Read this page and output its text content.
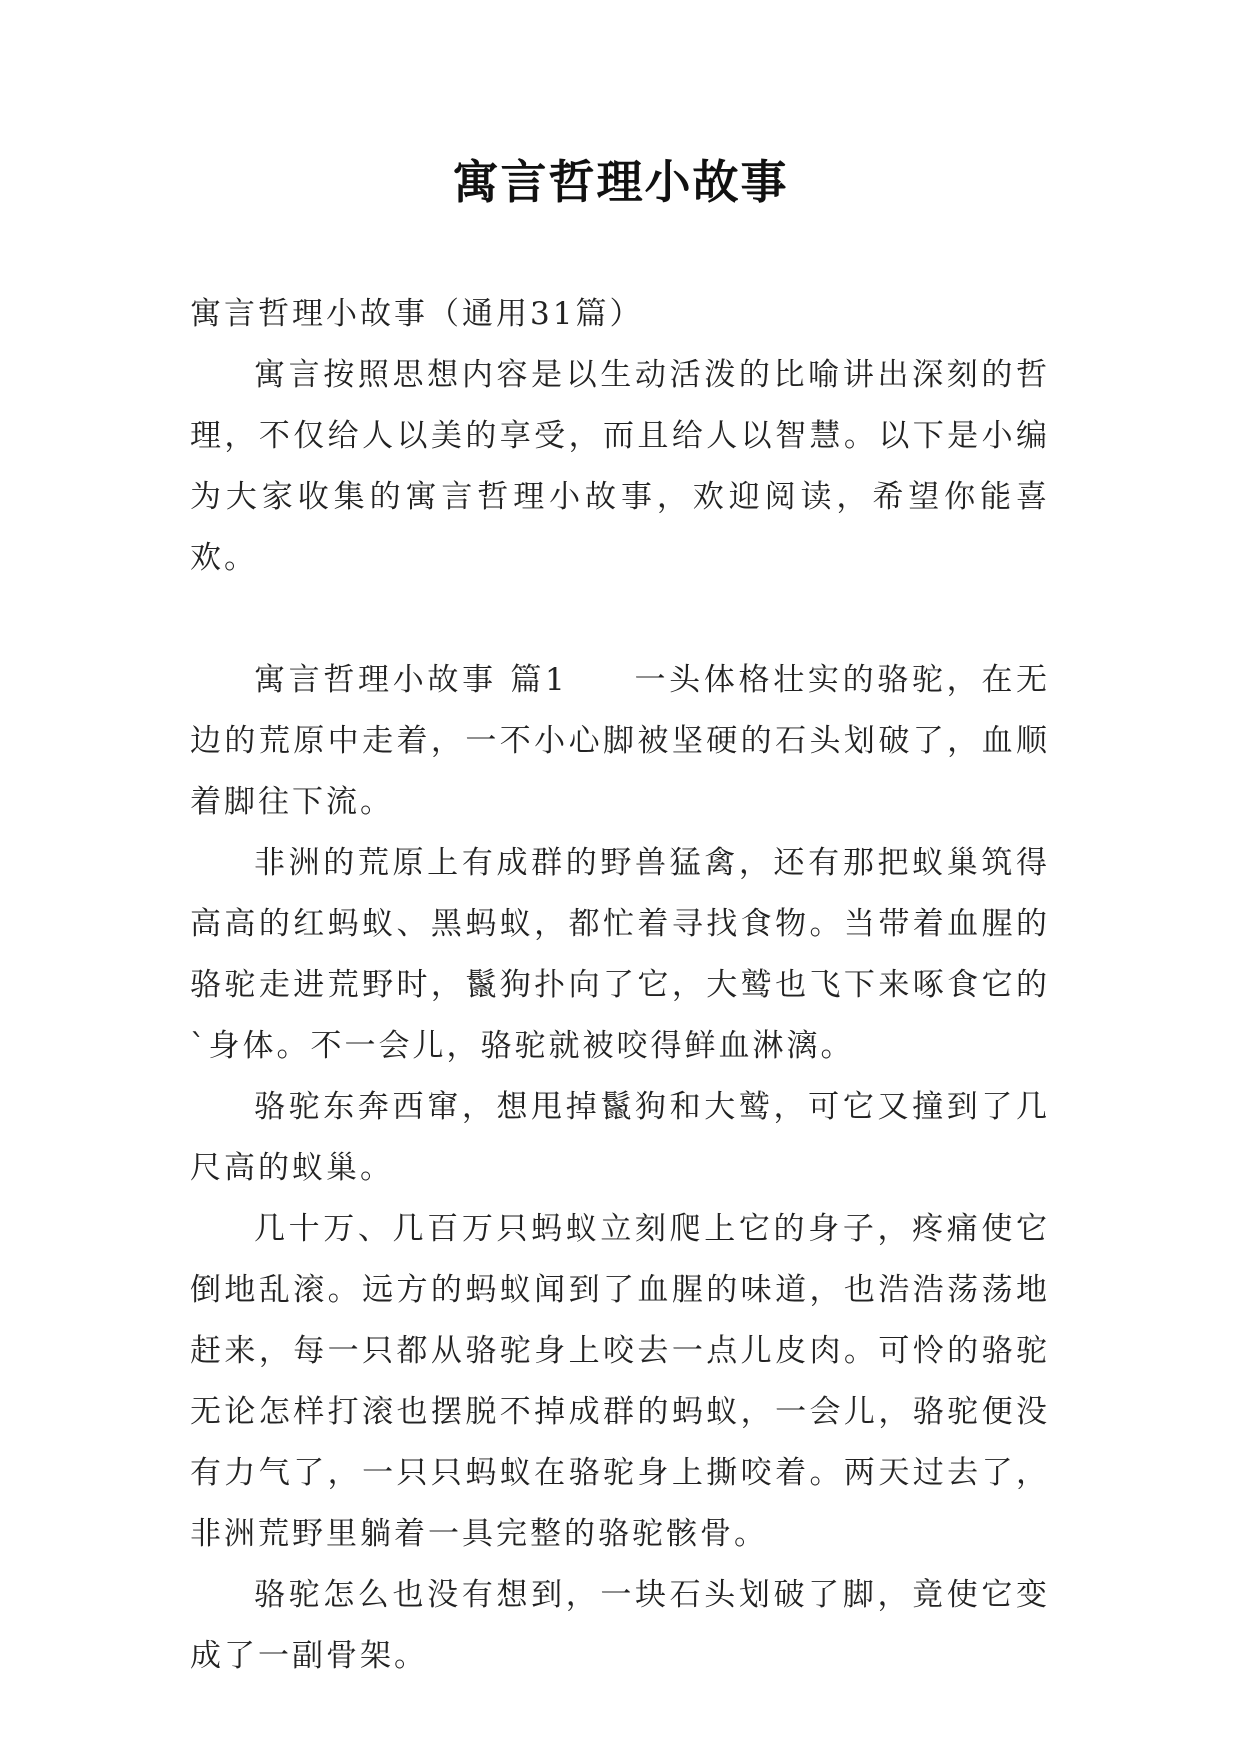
寓言哲理小故事

寓言哲理小故事（通用31篇）

寓言按照思想内容是以生动活泼的比喻讲出深刻的哲理，不仅给人以美的享受，而且给人以智慧。以下是小编为大家收集的寓言哲理小故事，欢迎阅读，希望你能喜欢。

寓言哲理小故事 篇1 一头体格壮实的骆驼，在无边的荒原中走着，一不小心脚被坚硬的石头划破了，血顺着脚往下流。

非洲的荒原上有成群的野兽猛禽，还有那把蚁巢筑得高高的红蚂蚁、黑蚂蚁，都忙着寻找食物。当带着血腥的骆驼走进荒野时，鬣狗扑向了它，大鹫也飞下来啄食它的`身体。不一会儿，骆驼就被咬得鲜血淋漓。

骆驼东奔西窜，想甩掉鬣狗和大鹫，可它又撞到了几尺高的蚁巢。

几十万、几百万只蚂蚁立刻爬上它的身子，疼痛使它倒地乱滚。远方的蚂蚁闻到了血腥的味道，也浩浩荡荡地赶来，每一只都从骆驼身上咬去一点儿皮肉。可怜的骆驼无论怎样打滚也摆脱不掉成群的蚂蚁，一会儿，骆驼便没有力气了，一只只蚂蚁在骆驼身上撕咬着。两天过去了，非洲荒野里躺着一具完整的骆驼骸骨。

骆驼怎么也没有想到，一块石头划破了脚，竟使它变成了一副骨架。
